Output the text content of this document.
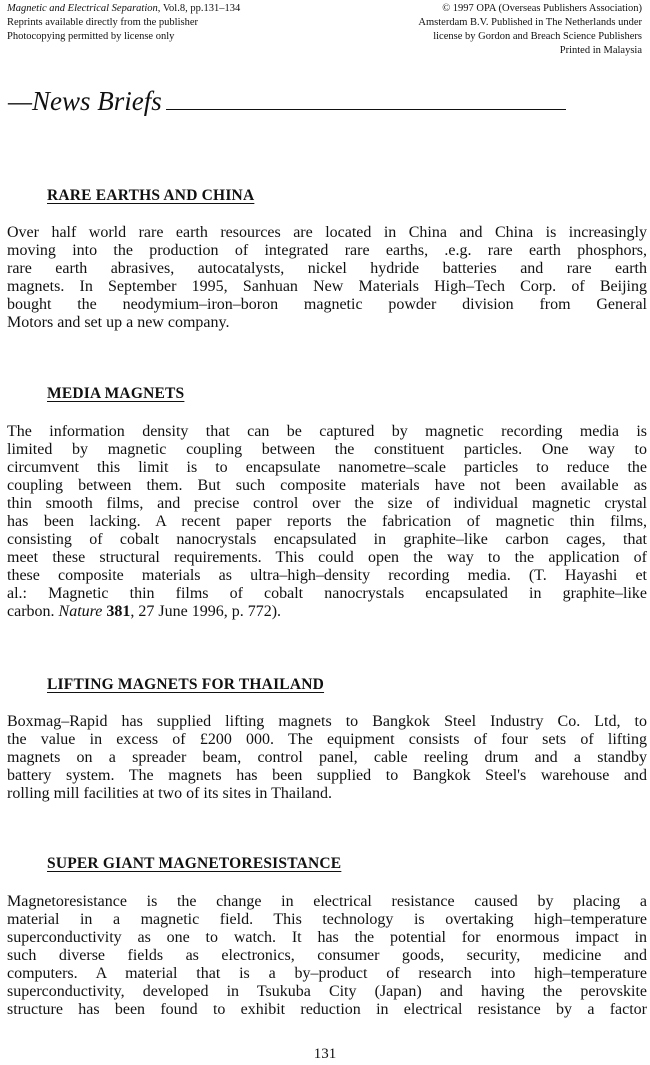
Magnetic and Electrical Separation, Vol.8, pp.131–134
Reprints available directly from the publisher
Photocopying permitted by license only
© 1997 OPA (Overseas Publishers Association)
Amsterdam B.V. Published in The Netherlands under
license by Gordon and Breach Science Publishers
Printed in Malaysia
—News Briefs
RARE EARTHS AND CHINA
Over half world rare earth resources are located in China and China is increasingly
moving into the production of integrated rare earths, .e.g. rare earth phosphors,
rare earth abrasives, autocatalysts, nickel hydride batteries and rare earth
magnets. In September 1995, Sanhuan New Materials High–Tech Corp. of Beijing
bought the neodymium–iron–boron magnetic powder division from General
Motors and set up a new company.
MEDIA MAGNETS
The information density that can be captured by magnetic recording media is
limited by magnetic coupling between the constituent particles. One way to
circumvent this limit is to encapsulate nanometre–scale particles to reduce the
coupling between them. But such composite materials have not been available as
thin smooth films, and precise control over the size of individual magnetic crystal
has been lacking. A recent paper reports the fabrication of magnetic thin films,
consisting of cobalt nanocrystals encapsulated in graphite–like carbon cages, that
meet these structural requirements. This could open the way to the application of
these composite materials as ultra–high–density recording media. (T. Hayashi et
al.: Magnetic thin films of cobalt nanocrystals encapsulated in graphite–like
carbon. Nature 381, 27 June 1996, p. 772).
LIFTING MAGNETS FOR THAILAND
Boxmag–Rapid has supplied lifting magnets to Bangkok Steel Industry Co. Ltd, to
the value in excess of £200 000. The equipment consists of four sets of lifting
magnets on a spreader beam, control panel, cable reeling drum and a standby
battery system. The magnets has been supplied to Bangkok Steel's warehouse and
rolling mill facilities at two of its sites in Thailand.
SUPER GIANT MAGNETORESISTANCE
Magnetoresistance is the change in electrical resistance caused by placing a
material in a magnetic field. This technology is overtaking high–temperature
superconductivity as one to watch. It has the potential for enormous impact in
such diverse fields as electronics, consumer goods, security, medicine and
computers. A material that is a by–product of research into high–temperature
superconductivity, developed in Tsukuba City (Japan) and having the perovskite
structure has been found to exhibit reduction in electrical resistance by a factor
131
